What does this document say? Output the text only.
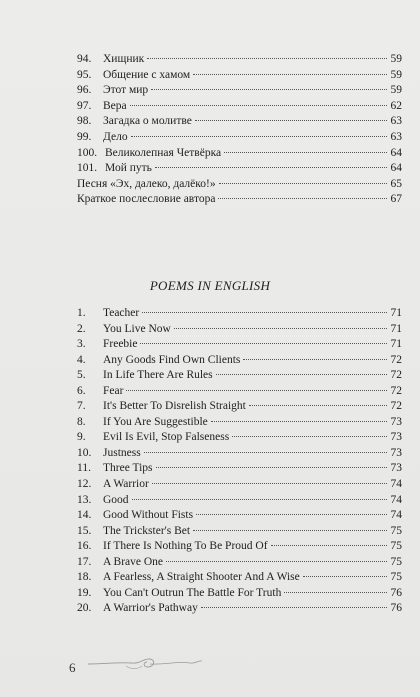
94.	Хищник	59
95.	Общение с хамом	59
96.	Этот мир	59
97.	Вера	62
98.	Загадка о молитве	63
99.	Дело	63
100. Великолепная Четвёрка	64
101. Мой путь	64
Песня «Эх, далеко, далёко!»	65
Краткое послесловие автора	67
POEMS IN ENGLISH
1.	Teacher	71
2.	You Live Now	71
3.	Freebie	71
4.	Any Goods Find Own Clients	72
5.	In Life There Are Rules	72
6.	Fear	72
7.	It's Better To Disrelish Straight	72
8.	If You Are Suggestible	73
9.	Evil Is Evil, Stop Falseness	73
10.	Justness	73
11.	Three Tips	73
12.	A Warrior	74
13.	Good	74
14.	Good Without Fists	74
15.	The Trickster's Bet	75
16.	If There Is Nothing To Be Proud Of	75
17.	A Brave One	75
18.	A Fearless, A Straight Shooter And A Wise	75
19.	You Can't Outrun The Battle For Truth	76
20.	A Warrior's Pathway	76
6
